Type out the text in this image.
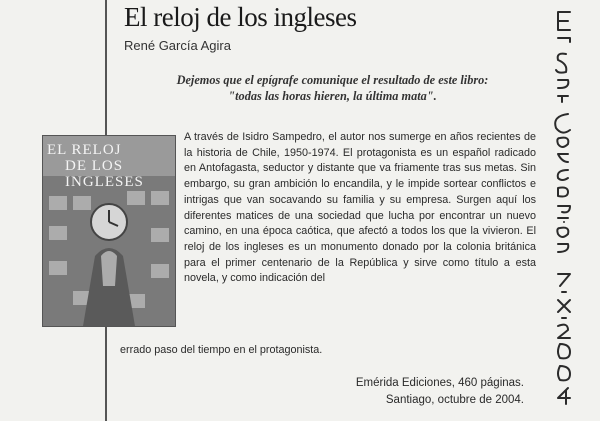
El reloj de los ingleses
René García Agira
Dejemos que el epígrafe comunique el resultado de este libro:
"todas las horas hieren, la última mata".
EL RELOJ
DE LOS INGLESES

A través de Isidro Sampedro, el autor nos sumerge en años recientes de la historia de Chile, 1950-1974. El protagonista es un español radicado en Antofagasta, seductor y distante que va friamente tras sus metas. Sin embargo, su gran ambición lo encandila, y le impide sortear conflictos e intrigas que van socavando su familia y su empresa. Surgen aquí los diferentes matices de una sociedad que lucha por encontrar un nuevo camino, en una época caótica, que afectó a todos los que la vivieron. El reloj de los ingleses es un monumento donado por la colonia británica para el primer centenario de la República y sirve como título a esta novela, y como indicación del

errado paso del tiempo en el protagonista.

Emérida Ediciones, 460 páginas.
Santiago, octubre de 2004.
